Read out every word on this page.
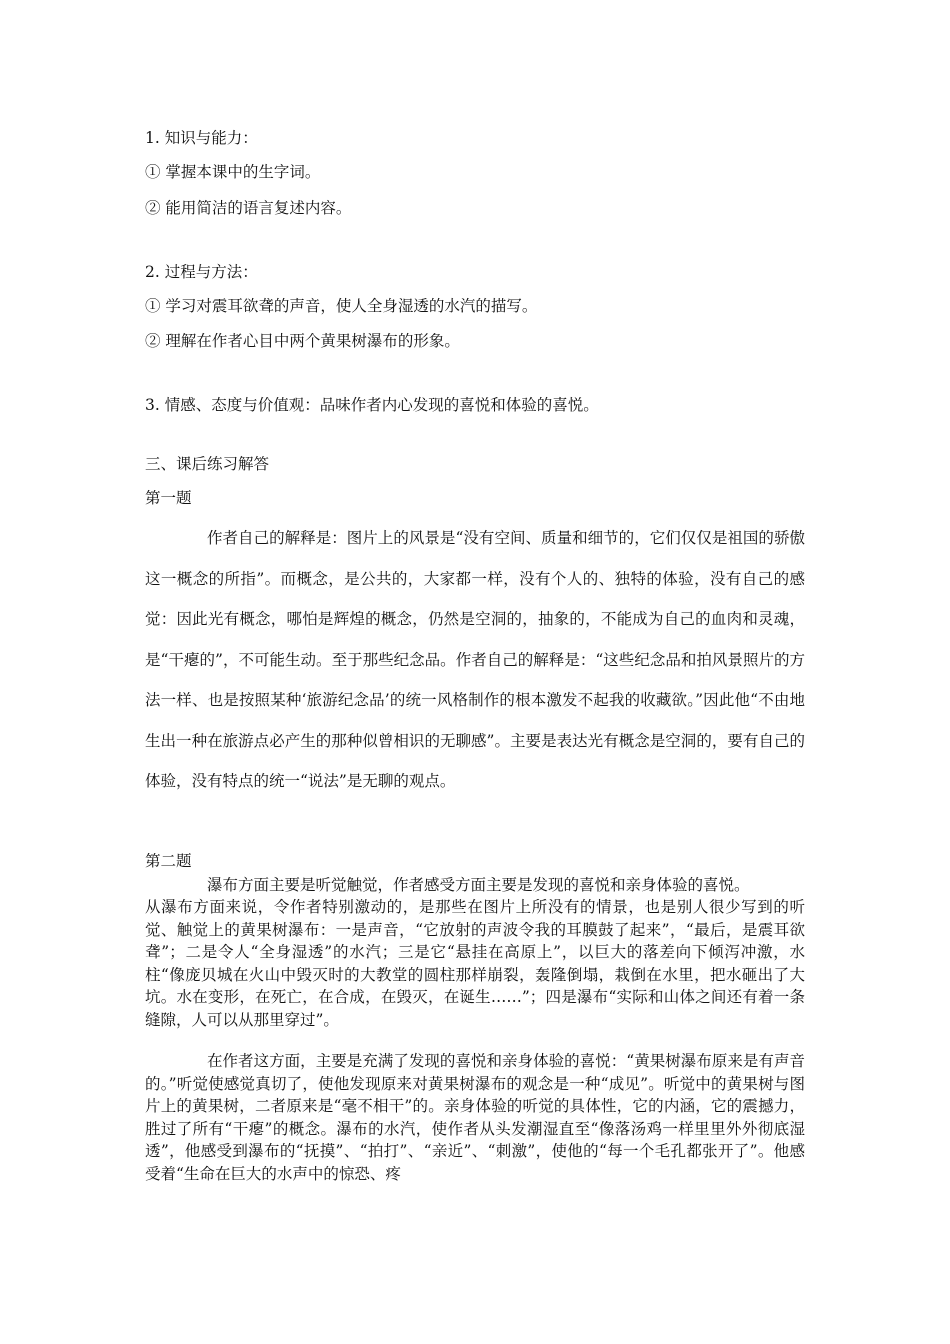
1. 知识与能力：
① 掌握本课中的生字词。
② 能用简洁的语言复述内容。
2. 过程与方法：
① 学习对震耳欲聋的声音，使人全身湿透的水汽的描写。
② 理解在作者心目中两个黄果树瀑布的形象。
3. 情感、态度与价值观：品味作者内心发现的喜悦和体验的喜悦。
三、课后练习解答
第一题
作者自己的解释是：图片上的风景是“没有空间、质量和细节的，它们仅仅是祖国的骄傲这一概念的所指”。而概念，是公共的，大家都一样，没有个人的、独特的体验，没有自己的感觉：因此光有概念，哪怕是辉煌的概念，仍然是空洞的，抽象的，不能成为自己的血肉和灵魂，是“干瘪的”，不可能生动。至于那些纪念品。作者自己的解释是：“这些纪念品和拍风景照片的方法一样、也是按照某种‘旅游纪念品’的统一风格制作的根本激发不起我的收藏欲。”因此他“不由地生出一种在旅游点必产生的那种似曾相识的无聊感”。主要是表达光有概念是空洞的，要有自己的体验，没有特点的统一“说法”是无聊的观点。
第二题
瀑布方面主要是听觉触觉，作者感受方面主要是发现的喜悦和亲身体验的喜悦。
从瀑布方面来说，令作者特别激动的，是那些在图片上所没有的情景，也是别人很少写到的听觉、触觉上的黄果树瀑布：一是声音，“它放射的声波令我的耳膜鼓了起来”，“最后，是震耳欲聋”；二是令人“全身湿透”的水汽；三是它“悬挂在高原上”，以巨大的落差向下倾泻冲激，水柱“像庞贝城在火山中毁灭时的大教堂的圆柱那样崩裂，轰隆倒塌，栽倒在水里，把水砸出了大坑。水在变形，在死亡，在合成，在毁灭，在诞生……”；四是瀑布“实际和山体之间还有着一条缝隙，人可以从那里穿过”。
在作者这方面，主要是充满了发现的喜悦和亲身体验的喜悦：“黄果树瀑布原来是有声音的。”听觉使感觉真切了，使他发现原来对黄果树瀑布的观念是一种“成见”。听觉中的黄果树与图片上的黄果树，二者原来是“毫不相干”的。亲身体验的听觉的具体性，它的内涵，它的震撼力，胜过了所有“干瘪”的概念。瀑布的水汽，使作者从头发潮湿直至“像落汤鸡一样里里外外彻底湿透”，他感受到瀑布的“抚摸”、“拍打”、“亲近”、“刺激”，使他的“每一个毛孔都张开了”。他感受着“生命在巨大的水声中的惊恐、疼
